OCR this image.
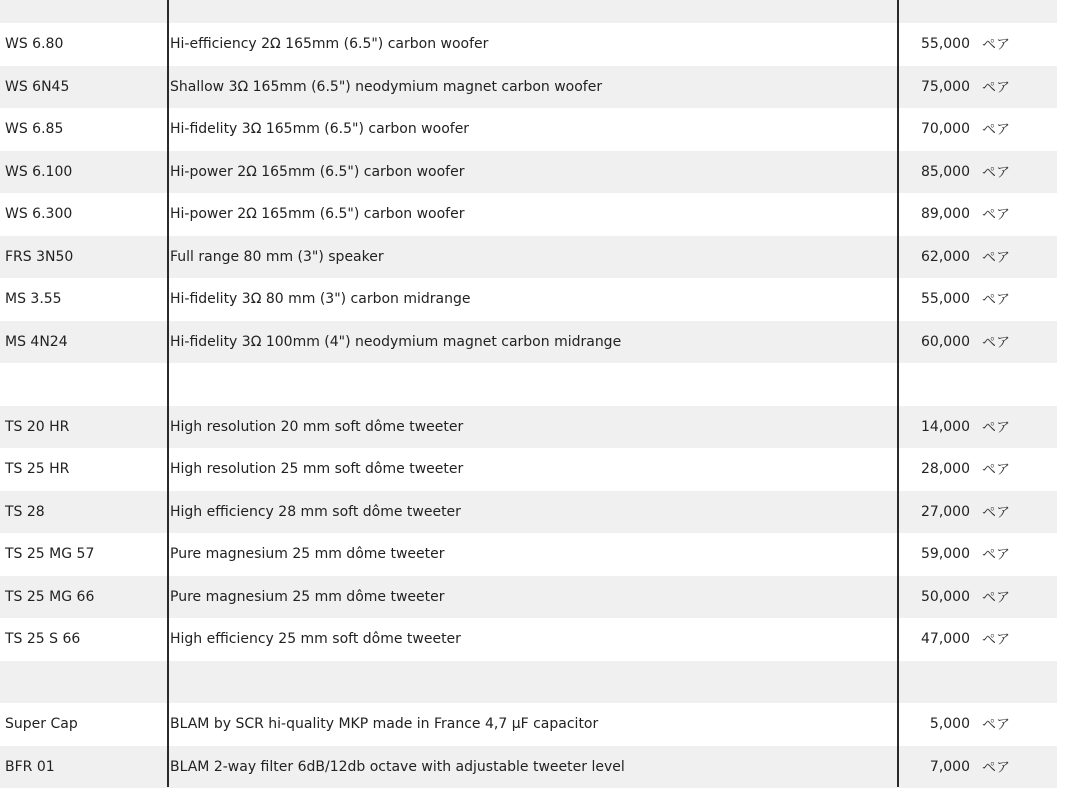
WS 6.80	Hi-efficiency 2Ω 165mm (6.5") carbon woofer	55,000 ペア
WS 6N45	Shallow 3Ω 165mm (6.5") neodymium magnet carbon woofer	75,000 ペア
WS 6.85	Hi-fidelity 3Ω 165mm (6.5") carbon woofer	70,000 ペア
WS 6.100	Hi-power 2Ω 165mm (6.5") carbon woofer	85,000 ペア
WS 6.300	Hi-power 2Ω 165mm (6.5") carbon woofer	89,000 ペア
FRS 3N50	Full range 80 mm (3") speaker	62,000 ペア
MS 3.55	Hi-fidelity 3Ω 80 mm (3") carbon midrange	55,000 ペア
MS 4N24	Hi-fidelity 3Ω 100mm (4") neodymium magnet carbon midrange	60,000 ペア
TS 20 HR	High resolution 20 mm soft dôme tweeter	14,000 ペア
TS 25 HR	High resolution 25 mm soft dôme tweeter	28,000 ペア
TS 28	High efficiency 28 mm soft dôme tweeter	27,000 ペア
TS 25 MG 57	Pure magnesium 25 mm dôme tweeter	59,000 ペア
TS 25 MG 66	Pure magnesium 25 mm dôme tweeter	50,000 ペア
TS 25 S 66	High efficiency 25 mm soft dôme tweeter	47,000 ペア
Super Cap	BLAM by SCR hi-quality MKP made in France 4,7 μF capacitor	5,000 ペア
BFR 01	BLAM 2-way filter 6dB/12db octave with adjustable tweeter level	7,000 ペア
